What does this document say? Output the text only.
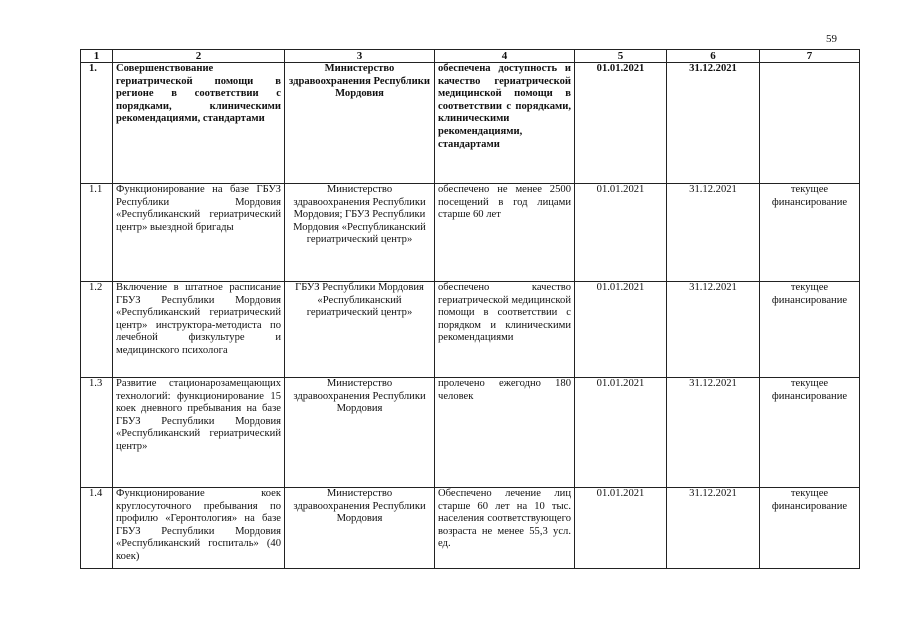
59
1	2	3	4	5	6	7
1.	Совершенствование гериатрической помощи в регионе в соответствии с порядками, клиническими рекомендациями, стандартами	Министерство здравоохранения Республики Мордовия	обеспечена доступность и качество гериатрической медицинской помощи в соответствии с порядками, клиническими рекомендациями, стандартами	01.01.2021	31.12.2021	
1.1	Функционирование на базе ГБУЗ Республики Мордовия «Республиканский гериатрический центр» выездной бригады	Министерство здравоохранения Республики Мордовия; ГБУЗ Республики Мордовия «Республиканский гериатрический центр»	обеспечено не менее 2500 посещений в год лицами старше 60 лет	01.01.2021	31.12.2021	текущее финансирование
1.2	Включение в штатное расписание ГБУЗ Республики Мордовия «Республиканский гериатрический центр» инструктора-методиста по лечебной физкультуре и медицинского психолога	ГБУЗ Республики Мордовия «Республиканский гериатрический центр»	обеспечено качество гериатрической медицинской помощи в соответствии с порядком и клиническими рекомендациями	01.01.2021	31.12.2021	текущее финансирование
1.3	Развитие стационарозамещающих технологий: функционирование 15 коек дневного пребывания на базе ГБУЗ Республики Мордовия «Республиканский гериатрический центр»	Министерство здравоохранения Республики Мордовия	пролечено ежегодно 180 человек	01.01.2021	31.12.2021	текущее финансирование
1.4	Функционирование коек круглосуточного пребывания по профилю «Геронтология» на базе ГБУЗ Республики Мордовия «Республиканский госпиталь» (40 коек)	Министерство здравоохранения Республики Мордовия	Обеспечено лечение лиц старше 60 лет на 10 тыс. населения соответствующего возраста не менее 55,3 усл. ед.	01.01.2021	31.12.2021	текущее финансирование
